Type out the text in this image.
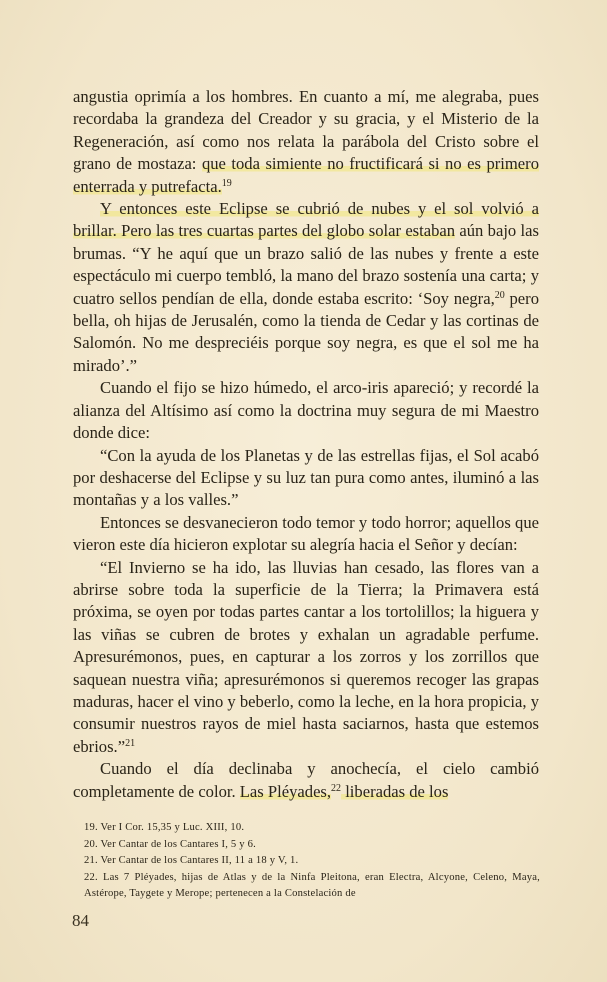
angustia oprimía a los hombres. En cuanto a mí, me alegraba, pues recordaba la grandeza del Creador y su gracia, y el Misterio de la Regeneración, así como nos relata la parábola del Cristo sobre el grano de mostaza: que toda simiente no fructificará si no es primero enterrada y putrefacta.$^{19}$

Y entonces este Eclipse se cubrió de nubes y el sol volvió a brillar. Pero las tres cuartas partes del globo solar estaban aún bajo las brumas. “Y he aquí que un brazo salió de las nubes y frente a este espectáculo mi cuerpo tembló, la mano del brazo sostenía una carta; y cuatro sellos pendían de ella, donde estaba escrito: ‘Soy negra,$^{20}$ pero bella, oh hijas de Jerusalén, como la tienda de Cedar y las cortinas de Salomón. No me despreciéis porque soy negra, es que el sol me ha mirado’.”

Cuando el fijo se hizo húmedo, el arco-iris apareció; y recordé la alianza del Altísimo así como la doctrina muy segura de mi Maestro donde dice:

“Con la ayuda de los Planetas y de las estrellas fijas, el Sol acabó por deshacerse del Eclipse y su luz tan pura como antes, iluminó a las montañas y a los valles.”

Entonces se desvanecieron todo temor y todo horror; aquellos que vieron este día hicieron explotar su alegría hacia el Señor y decían:

“El Invierno se ha ido, las lluvias han cesado, las flores van a abrirse sobre toda la superficie de la Tierra; la Primavera está próxima, se oyen por todas partes cantar a los tortolillos; la higuera y las viñas se cubren de brotes y exhalan un agradable perfume. Apresurémonos, pues, en capturar a los zorros y los zorrillos que saquean nuestra viña; apresurémonos si queremos recoger las grapas maduras, hacer el vino y beberlo, como la leche, en la hora propicia, y consumir nuestros rayos de miel hasta saciarnos, hasta que estemos ebrios.”$^{21}$

Cuando el día declinaba y anochecía, el cielo cambió completamente de color. Las Pléyades,$^{22}$ liberadas de los

19. Ver I Cor. 15,35 y Luc. XIII, 10.
20. Ver Cantar de los Cantares I, 5 y 6.
21. Ver Cantar de los Cantares II, 11 a 18 y V, 1.
22. Las 7 Pléyades, hijas de Atlas y de la Ninfa Pleitona, eran Electra, Alcyone, Celeno, Maya, Astérope, Taygete y Merope; pertenecen a la Constelación de
84
